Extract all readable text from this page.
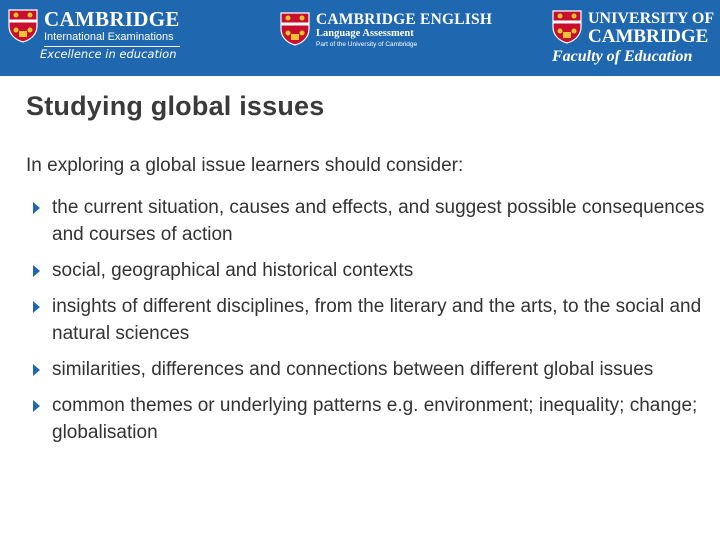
CAMBRIDGE
International Examinations
Excellence in education
CAMBRIDGE ENGLISH
Language Assessment
Part of the University of Cambridge
UNIVERSITY OF
CAMBRIDGE
Faculty of Education
Studying global issues

In exploring a global issue learners should consider:

the current situation, causes and effects, and suggest possible consequences and courses of action
social, geographical and historical contexts
insights of different disciplines, from the literary and the arts, to the social and natural sciences
similarities, differences and connections between different global issues
common themes or underlying patterns e.g. environment; inequality; change; globalisation
